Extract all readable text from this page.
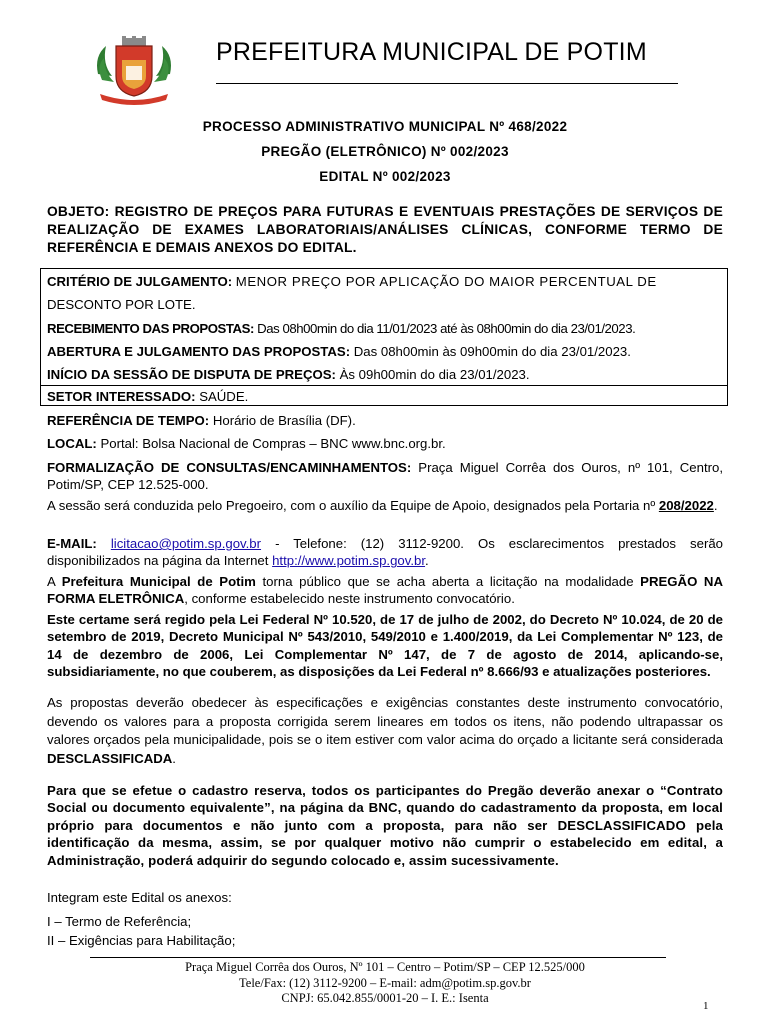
PREFEITURA MUNICIPAL DE POTIM
PROCESSO ADMINISTRATIVO MUNICIPAL Nº 468/2022
PREGÃO (ELETRÔNICO) Nº 002/2023
EDITAL Nº 002/2023
OBJETO: REGISTRO DE PREÇOS PARA FUTURAS E EVENTUAIS PRESTAÇÕES DE SERVIÇOS DE REALIZAÇÃO DE EXAMES LABORATORIAIS/ANÁLISES CLÍNICAS, CONFORME TERMO DE REFERÊNCIA E DEMAIS ANEXOS DO EDITAL.
CRITÉRIO DE JULGAMENTO: MENOR PREÇO POR APLICAÇÃO DO MAIOR PERCENTUAL DE
DESCONTO POR LOTE.
RECEBIMENTO DAS PROPOSTAS: Das 08h00min do dia 11/01/2023 até às 08h00min do dia 23/01/2023.
ABERTURA E JULGAMENTO DAS PROPOSTAS: Das 08h00min às 09h00min do dia 23/01/2023.
INÍCIO DA SESSÃO DE DISPUTA DE PREÇOS: Às 09h00min do dia 23/01/2023.
SETOR INTERESSADO: SAÚDE.
REFERÊNCIA DE TEMPO: Horário de Brasília (DF).
LOCAL: Portal: Bolsa Nacional de Compras – BNC www.bnc.org.br.
FORMALIZAÇÃO DE CONSULTAS/ENCAMINHAMENTOS: Praça Miguel Corrêa dos Ouros, nº 101, Centro, Potim/SP, CEP 12.525-000.
A sessão será conduzida pelo Pregoeiro, com o auxílio da Equipe de Apoio, designados pela Portaria nº 208/2022.
E-MAIL: licitacao@potim.sp.gov.br - Telefone: (12) 3112-9200. Os esclarecimentos prestados serão disponibilizados na página da Internet http://www.potim.sp.gov.br.
A Prefeitura Municipal de Potim torna público que se acha aberta a licitação na modalidade PREGÃO NA FORMA ELETRÔNICA, conforme estabelecido neste instrumento convocatório.
Este certame será regido pela Lei Federal Nº 10.520, de 17 de julho de 2002, do Decreto Nº 10.024, de 20 de setembro de 2019, Decreto Municipal Nº 543/2010, 549/2010 e 1.400/2019, da Lei Complementar Nº 123, de 14 de dezembro de 2006, Lei Complementar Nº 147, de 7 de agosto de 2014, aplicando-se, subsidiariamente, no que couberem, as disposições da Lei Federal nº 8.666/93 e atualizações posteriores.
As propostas deverão obedecer às especificações e exigências constantes deste instrumento convocatório, devendo os valores para a proposta corrigida serem lineares em todos os itens, não podendo ultrapassar os valores orçados pela municipalidade, pois se o item estiver com valor acima do orçado a licitante será considerada DESCLASSIFICADA.
Para que se efetue o cadastro reserva, todos os participantes do Pregão deverão anexar o “Contrato Social ou documento equivalente”, na página da BNC, quando do cadastramento da proposta, em local próprio para documentos e não junto com a proposta, para não ser DESCLASSIFICADO pela identificação da mesma, assim, se por qualquer motivo não cumprir o estabelecido em edital, a Administração, poderá adquirir do segundo colocado e, assim sucessivamente.
Integram este Edital os anexos:
I – Termo de Referência;
II – Exigências para Habilitação;
Praça Miguel Corrêa dos Ouros, Nº 101 – Centro – Potim/SP – CEP 12.525/000
Tele/Fax: (12) 3112-9200 – E-mail: adm@potim.sp.gov.br
CNPJ: 65.042.855/0001-20 – I. E.: Isenta
1
